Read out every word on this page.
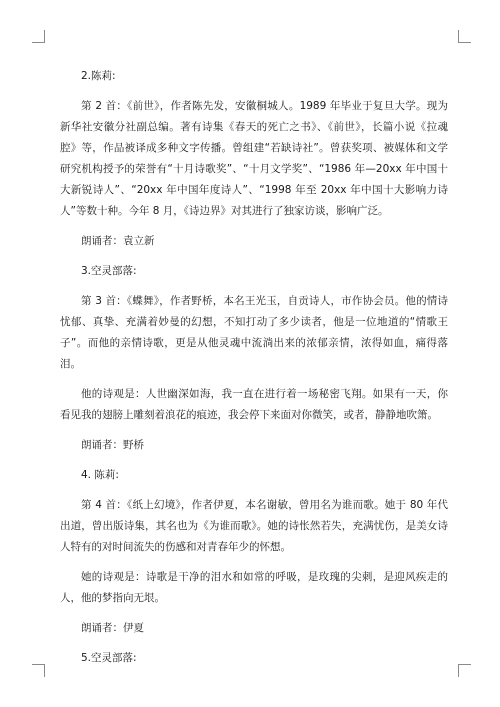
2.陈莉:

第 2 首：《前世》，作者陈先发，安徽桐城人。1989 年毕业于复旦大学。现为新华社安徽分社副总编。著有诗集《春天的死亡之书》、《前世》，长篇小说《拉魂腔》等，作品被译成多种文字传播。曾组建“若缺诗社”。曾获奖项、被媒体和文学研究机构授予的荣誉有“十月诗歌奖”、“十月文学奖”、“1986 年—20xx 年中国十大新锐诗人”、“20xx 年中国年度诗人”、“1998 年至 20xx 年中国十大影响力诗人”等数十种。今年 8 月，《诗边界》对其进行了独家访谈，影响广泛。

朗诵者：袁立新

3.空灵部落:

第 3 首：《蝶舞》，作者野桥，本名王光玉，自贡诗人，市作协会员。他的情诗忧郁、真挚、充满着妙曼的幻想，不知打动了多少读者，他是一位地道的“情歌王子”。而他的亲情诗歌，更是从他灵魂中流淌出来的浓郁亲情，浓得如血，痛得落泪。

他的诗观是：人世幽深如海，我一直在进行着一场秘密飞翔。如果有一天，你看见我的翅膀上雕刻着浪花的痕迹，我会停下来面对你微笑，或者，静静地吹箫。

朗诵者：野桥

4. 陈莉:

第 4 首：《纸上幻境》，作者伊夏，本名谢敏，曾用名为谁而歌。她于 80 年代出道，曾出版诗集，其名也为《为谁而歌》。她的诗怅然若失，充满忧伤，是美女诗人特有的对时间流失的伤感和对青春年少的怀想。

她的诗观是：诗歌是干净的泪水和如常的呼吸，是玫瑰的尖刺，是迎风疾走的人，他的梦指向无垠。

朗诵者：伊夏

5.空灵部落:
